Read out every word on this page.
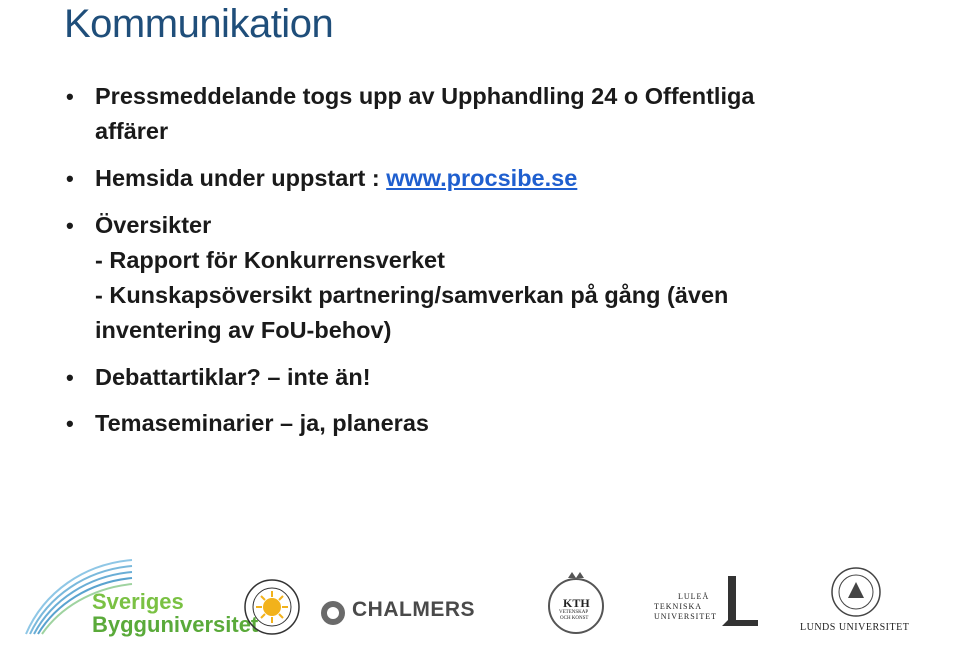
Kommunikation
• Pressmeddelande togs upp av Upphandling 24 o Offentliga
affärer
• Hemsida under uppstart : www.procsibe.se
• Översikter
- Rapport för Konkurrensverket
- Kunskapsöversikt partnering/samverkan på gång (även
inventering av FoU-behov)
• Debattartiklar? – inte än!
• Temaseminarier – ja, planeras
Sveriges
Bygguniversitet
CHALMERS	KTH
VETENSKAP
OCH KONST
LULEÅ
TEKNISKA
UNIVERSITET
LUNDS UNIVERSITET
